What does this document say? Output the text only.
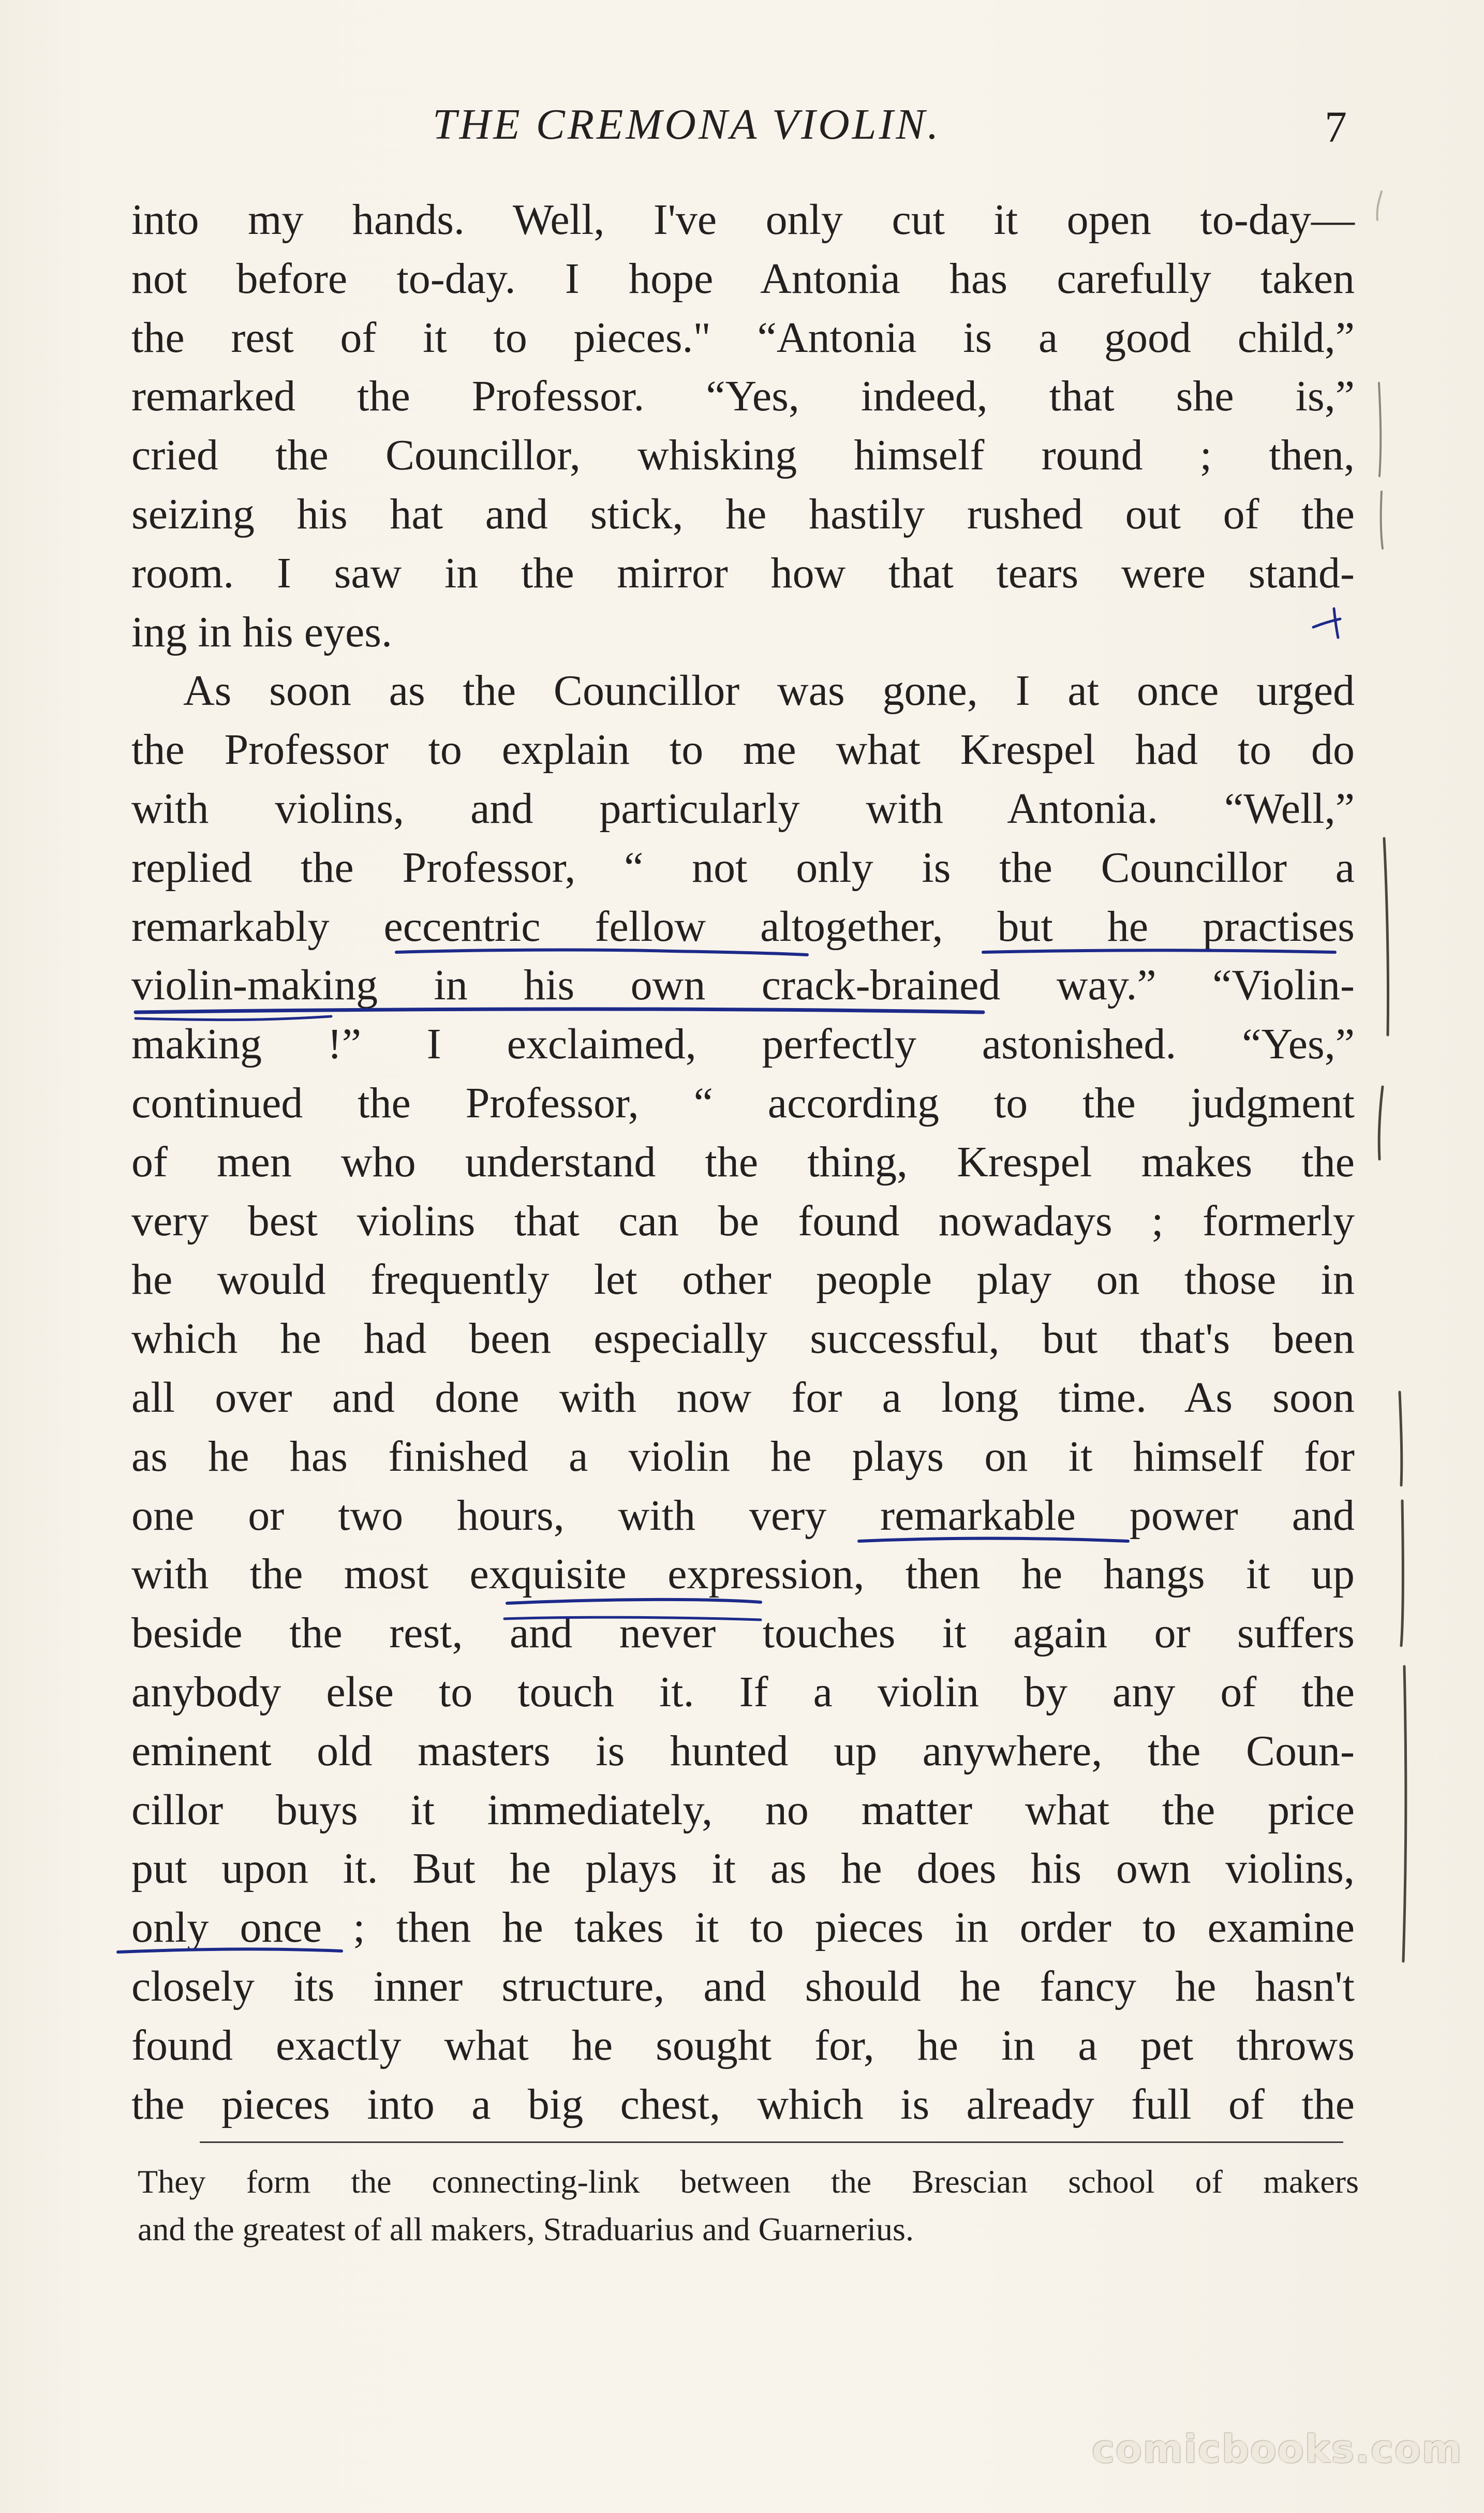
THE CREMONA VIOLIN.	7
into my hands. Well, I've only cut it open to-day—
not before to-day. I hope Antonia has carefully taken
the rest of it to pieces." “Antonia is a good child,”
remarked the Professor. “Yes, indeed, that she is,”
cried the Councillor, whisking himself round ; then,
seizing his hat and stick, he hastily rushed out of the
room. I saw in the mirror how that tears were stand-
ing in his eyes.
As soon as the Councillor was gone, I at once urged
the Professor to explain to me what Krespel had to do
with violins, and particularly with Antonia. “Well,”
replied the Professor, “ not only is the Councillor a
remarkably eccentric fellow altogether, but he practises
violin-making in his own crack-brained way.” “Violin-
making !” I exclaimed, perfectly astonished. “Yes,”
continued the Professor, “ according to the judgment
of men who understand the thing, Krespel makes the
very best violins that can be found nowadays ; formerly
he would frequently let other people play on those in
which he had been especially successful, but that's been
all over and done with now for a long time. As soon
as he has finished a violin he plays on it himself for
one or two hours, with very remarkable power and
with the most exquisite expression, then he hangs it up
beside the rest, and never touches it again or suffers
anybody else to touch it. If a violin by any of the
eminent old masters is hunted up anywhere, the Coun-
cillor buys it immediately, no matter what the price
put upon it. But he plays it as he does his own violins,
only once ; then he takes it to pieces in order to examine
closely its inner structure, and should he fancy he hasn't
found exactly what he sought for, he in a pet throws
the pieces into a big chest, which is already full of the
They form the connecting-link between the Brescian school of makers
and the greatest of all makers, Straduarius and Guarnerius.
comicbooks.com
